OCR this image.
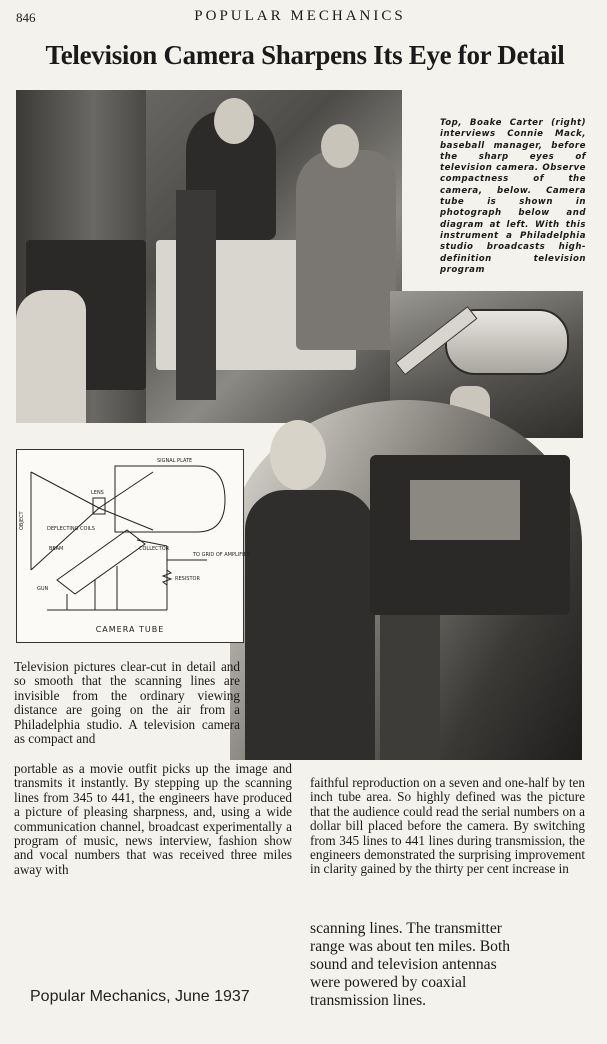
846	POPULAR MECHANICS
Television Camera Sharpens Its Eye for Detail
Top, Boake Carter (right) interviews Connie Mack, baseball manager, before the sharp eyes of television camera. Observe compactness of the camera, below. Camera tube is shown in photograph below and diagram at left. With this instrument a Philadelphia studio broadcasts high-definition television program
SIGNAL PLATE
OBJECT
LENS
DEFLECTING COILS
BEAM	COLLECTOR
TO GRID OF AMPLIFIER
RESISTOR
GUN
CAMERA TUBE
Television pictures clear-cut in detail and so smooth that the scanning lines are invisible from the ordinary viewing distance are going on the air from a Philadelphia studio. A television camera as compact and
portable as a movie outfit picks up the image and transmits it instantly. By stepping up the scanning lines from 345 to 441, the engineers have produced a picture of pleasing sharpness, and, using a wide communication channel, broadcast experimentally a program of music, news interview, fashion show and vocal numbers that was received three miles away with
faithful reproduction on a seven and one-half by ten inch tube area. So highly defined was the picture that the audience could read the serial numbers on a dollar bill placed before the camera. By switching from 345 lines to 441 lines during transmission, the engineers demonstrated the surprising improvement in clarity gained by the thirty per cent increase in
scanning lines. The transmitter range was about ten miles. Both sound and television antennas were powered by coaxial transmission lines.
Popular Mechanics, June 1937
